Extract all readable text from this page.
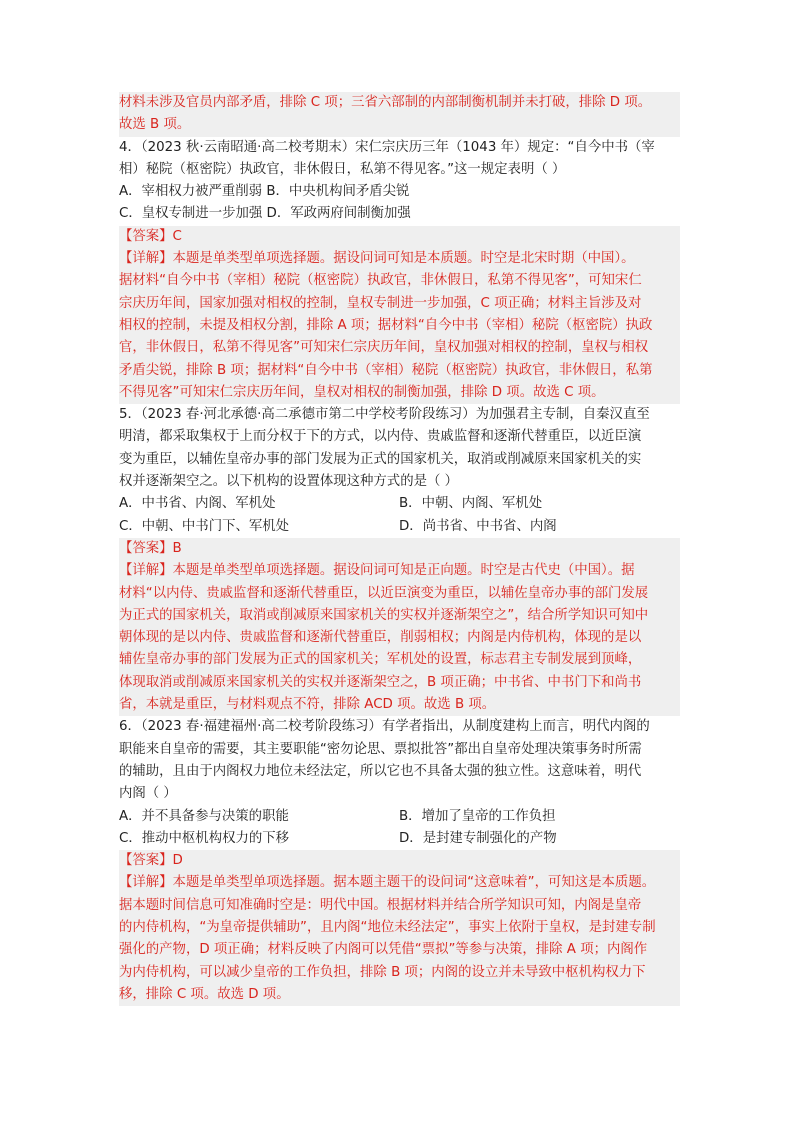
材料未涉及官员内部矛盾，排除 C 项；三省六部制的内部制衡机制并未打破，排除 D 项。
故选 B 项。
4．（2023 秋·云南昭通·高二校考期末）宋仁宗庆历三年（1043 年）规定：“自今中书（宰
相）秘院（枢密院）执政官，非休假日，私第不得见客。”这一规定表明（ ）
A．宰相权力被严重削弱 B．中央机构间矛盾尖锐
C．皇权专制进一步加强 D．军政两府间制衡加强
【答案】C
【详解】本题是单类型单项选择题。据设问词可知是本质题。时空是北宋时期（中国）。
据材料“自今中书（宰相）秘院（枢密院）执政官，非休假日，私第不得见客”，可知宋仁
宗庆历年间，国家加强对相权的控制，皇权专制进一步加强，C 项正确；材料主旨涉及对
相权的控制，未提及相权分割，排除 A 项；据材料“自今中书（宰相）秘院（枢密院）执政
官，非休假日，私第不得见客”可知宋仁宗庆历年间，皇权加强对相权的控制，皇权与相权
矛盾尖锐，排除 B 项；据材料“自今中书（宰相）秘院（枢密院）执政官，非休假日，私第
不得见客”可知宋仁宗庆历年间，皇权对相权的制衡加强，排除 D 项。故选 C 项。
5．（2023 春·河北承德·高二承德市第二中学校考阶段练习）为加强君主专制，自秦汉直至
明清，都采取集权于上而分权于下的方式，以内侍、贵戚监督和逐渐代替重臣，以近臣演
变为重臣，以辅佐皇帝办事的部门发展为正式的国家机关，取消或削减原来国家机关的实
权并逐渐架空之。以下机构的设置体现这种方式的是（ ）
A．中书省、内阁、军机处	B．中朝、内阁、军机处
C．中朝、中书门下、军机处	D．尚书省、中书省、内阁
【答案】B
【详解】本题是单类型单项选择题。据设问词可知是正向题。时空是古代史（中国）。据
材料“以内侍、贵戚监督和逐渐代替重臣，以近臣演变为重臣，以辅佐皇帝办事的部门发展
为正式的国家机关，取消或削减原来国家机关的实权并逐渐架空之”，结合所学知识可知中
朝体现的是以内侍、贵戚监督和逐渐代替重臣，削弱相权；内阁是内侍机构，体现的是以
辅佐皇帝办事的部门发展为正式的国家机关；军机处的设置，标志君主专制发展到顶峰，
体现取消或削减原来国家机关的实权并逐渐架空之，B 项正确；中书省、中书门下和尚书
省，本就是重臣，与材料观点不符，排除 ACD 项。故选 B 项。
6．（2023 春·福建福州·高二校考阶段练习）有学者指出，从制度建构上而言，明代内阁的
职能来自皇帝的需要，其主要职能“密勿论思、票拟批答”都出自皇帝处理决策事务时所需
的辅助，且由于内阁权力地位未经法定，所以它也不具备太强的独立性。这意味着，明代
内阁（ ）
A．并不具备参与决策的职能	B．增加了皇帝的工作负担
C．推动中枢机构权力的下移	D．是封建专制强化的产物
【答案】D
【详解】本题是单类型单项选择题。据本题主题干的设问词“这意味着”，可知这是本质题。
据本题时间信息可知准确时空是：明代中国。根据材料并结合所学知识可知，内阁是皇帝
的内侍机构，“为皇帝提供辅助”，且内阁“地位未经法定”，事实上依附于皇权，是封建专制
强化的产物，D 项正确；材料反映了内阁可以凭借“票拟”等参与决策，排除 A 项；内阁作
为内侍机构，可以减少皇帝的工作负担，排除 B 项；内阁的设立并未导致中枢机构权力下
移，排除 C 项。故选 D 项。
